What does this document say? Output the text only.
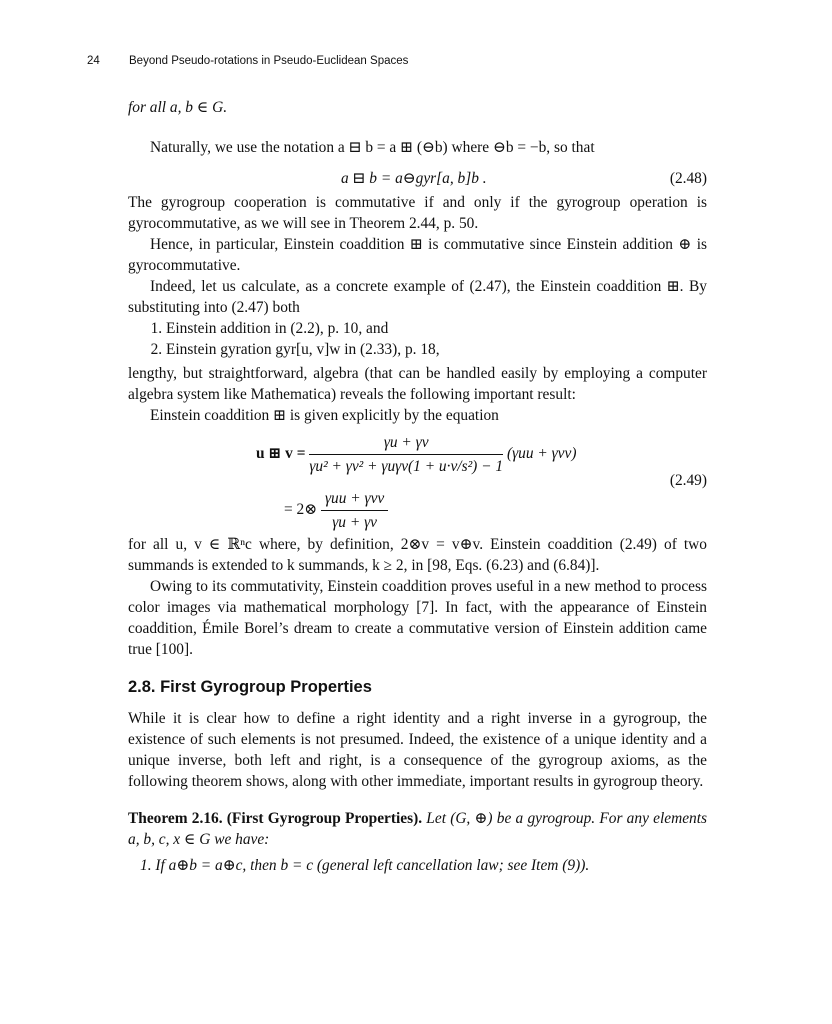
24	Beyond Pseudo-rotations in Pseudo-Euclidean Spaces

for all a, b ∈ G.

Naturally, we use the notation a ⊟ b = a ⊞ (⊖b) where ⊖b = −b, so that

a ⊟ b = a⊖gyr[a, b]b .	(2.48)

The gyrogroup cooperation is commutative if and only if the gyrogroup operation is gyrocommutative, as we will see in Theorem 2.44, p. 50.

Hence, in particular, Einstein coaddition ⊞ is commutative since Einstein addition ⊕ is gyrocommutative.

Indeed, let us calculate, as a concrete example of (2.47), the Einstein coaddition ⊞. By substituting into (2.47) both

1. Einstein addition in (2.2), p. 10, and
2. Einstein gyration gyr[u, v]w in (2.33), p. 18,

lengthy, but straightforward, algebra (that can be handled easily by employing a computer algebra system like Mathematica) reveals the following important result:

Einstein coaddition ⊞ is given explicitly by the equation

u ⊞ $v = \frac{\gamma u + \gamma v}{\text{γu² + γv² + γuγv(1 + u·v/s²) − 1}} (\gamma uu + \gamma vv)$
(2.49)
= 2⊗ $\frac{\text{γuu + γvv}}{\gamma u + \gamma v}$

for all u, v ∈ ℝⁿc where, by definition, 2⊗v = v⊕v. Einstein coaddition (2.49) of two summands is extended to k summands, k ≥ 2, in [98, Eqs. (6.23) and (6.84)].

Owing to its commutativity, Einstein coaddition proves useful in a new method to process color images via mathematical morphology [7]. In fact, with the appearance of Einstein coaddition, Émile Borel’s dream to create a commutative version of Einstein addition came true [100].

2.8. First Gyrogroup Properties

While it is clear how to define a right identity and a right inverse in a gyrogroup, the existence of such elements is not presumed. Indeed, the existence of a unique identity and a unique inverse, both left and right, is a consequence of the gyrogroup axioms, as the following theorem shows, along with other immediate, important results in gyrogroup theory.

Theorem 2.16. (First Gyrogroup Properties). Let (G, ⊕) be a gyrogroup. For any elements a, b, c, x ∈ G we have:

1. If a⊕b = a⊕c, then b = c (general left cancellation law; see Item (9)).
